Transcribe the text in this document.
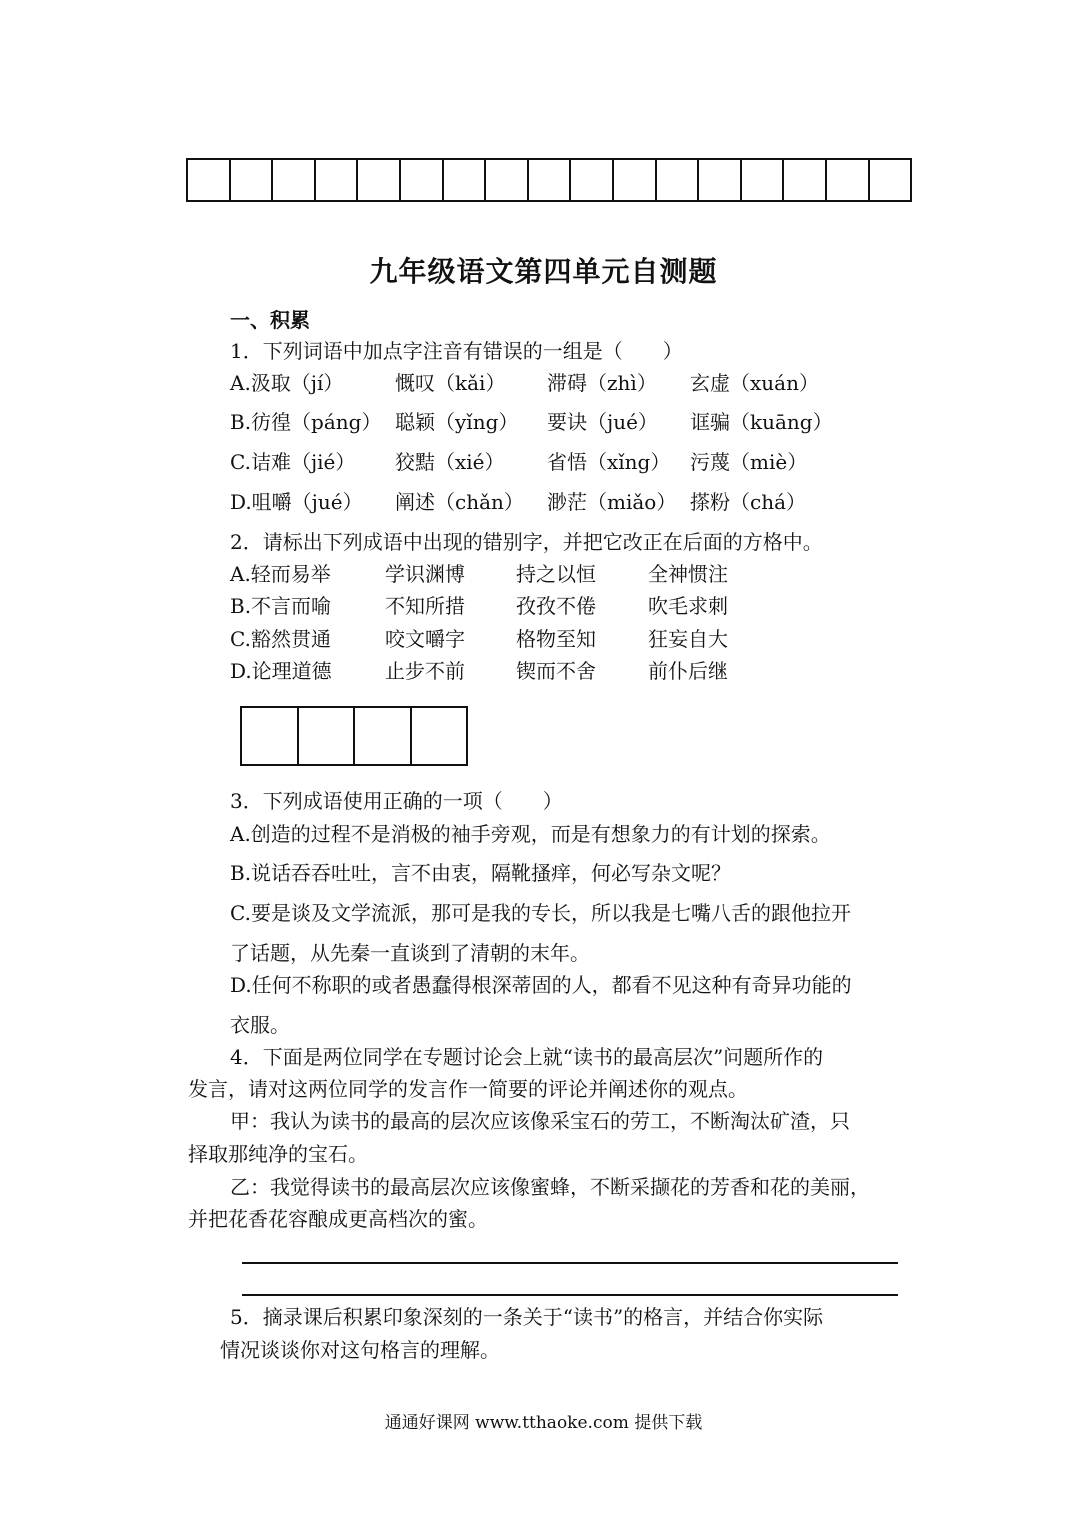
九年级语文第四单元自测题
一、积累
1．下列词语中加点字注音有错误的一组是（　　）
A.汲取（jí）	慨叹（kǎi） 滞碍（zhì） 玄虚（xuán）
B.彷徨（páng） 聪颖（yǐng） 要诀（jué） 诓骗（kuāng）
C.诘难（jié） 狡黠（xié） 省悟（xǐng） 污蔑（miè）
D.咀嚼（jué） 阐述（chǎn） 渺茫（miǎo） 搽粉（chá）
2．请标出下列成语中出现的错别字，并把它改正在后面的方格中。
A.轻而易举	学识渊博	持之以恒	全神惯注
B.不言而喻	不知所措	孜孜不倦	吹毛求刺
C.豁然贯通	咬文嚼字	格物至知	狂妄自大
D.论理道德	止步不前	锲而不舍	前仆后继
3．下列成语使用正确的一项（　　）
A.创造的过程不是消极的袖手旁观，而是有想象力的有计划的探索。
B.说话吞吞吐吐，言不由衷，隔靴搔痒，何必写杂文呢？
C.要是谈及文学流派，那可是我的专长，所以我是七嘴八舌的跟他拉开
了话题，从先秦一直谈到了清朝的末年。
D.任何不称职的或者愚蠢得根深蒂固的人，都看不见这种有奇异功能的
衣服。
4．下面是两位同学在专题讨论会上就“读书的最高层次”问题所作的
发言，请对这两位同学的发言作一简要的评论并阐述你的观点。
甲：我认为读书的最高的层次应该像采宝石的劳工，不断淘汰矿渣，只
择取那纯净的宝石。
乙：我觉得读书的最高层次应该像蜜蜂，不断采撷花的芳香和花的美丽，
并把花香花容酿成更高档次的蜜。
5．摘录课后积累印象深刻的一条关于“读书”的格言，并结合你实际
情况谈谈你对这句格言的理解。
通通好课网 www.tthaoke.com 提供下载
